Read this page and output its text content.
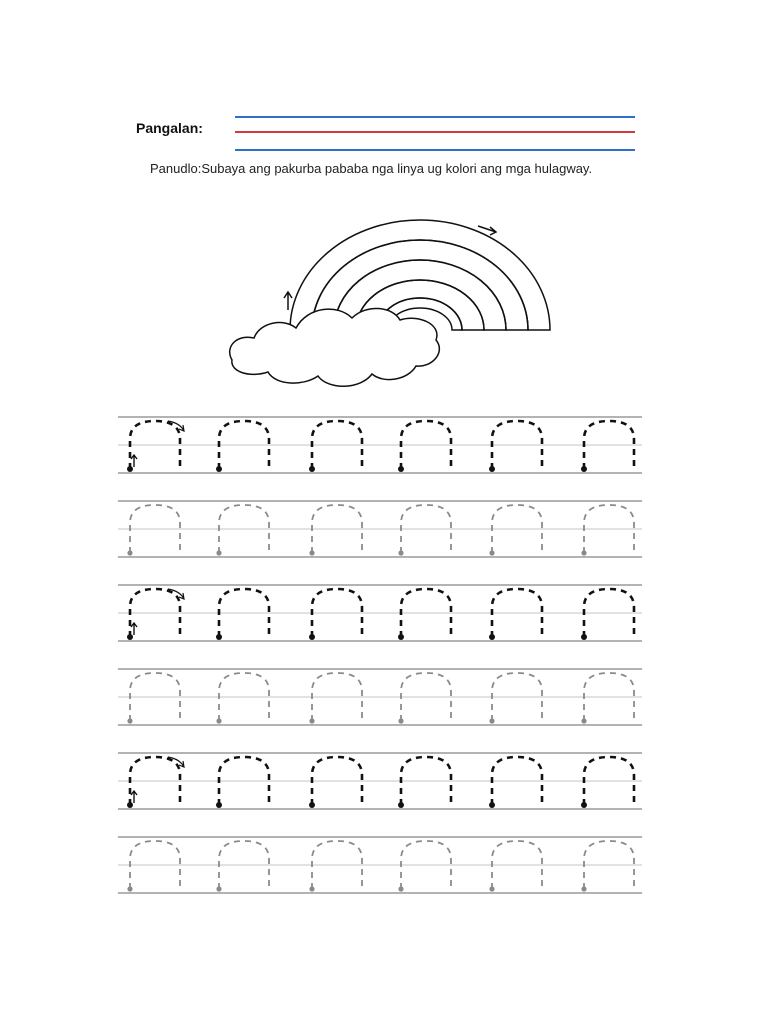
Pangalan:
Panudlo:Subaya ang pakurba pababa nga linya ug kolori ang mga hulagway.
